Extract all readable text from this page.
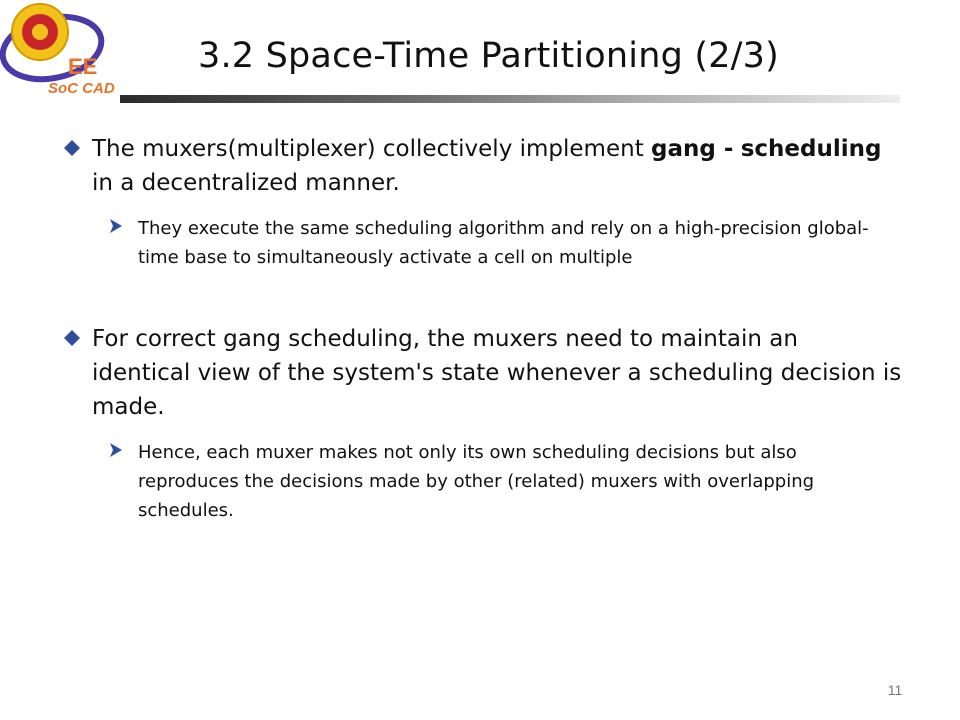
EE
SoC CAD
3.2 Space-Time Partitioning (2/3)
The muxers(multiplexer) collectively implement gang - scheduling in a decentralized manner.
They execute the same scheduling algorithm and rely on a high-precision global-time base to simultaneously activate a cell on multiple
For correct gang scheduling, the muxers need to maintain an identical view of the system's state whenever a scheduling decision is made.
Hence, each muxer makes not only its own scheduling decisions but also reproduces the decisions made by other (related) muxers with overlapping schedules.
11
